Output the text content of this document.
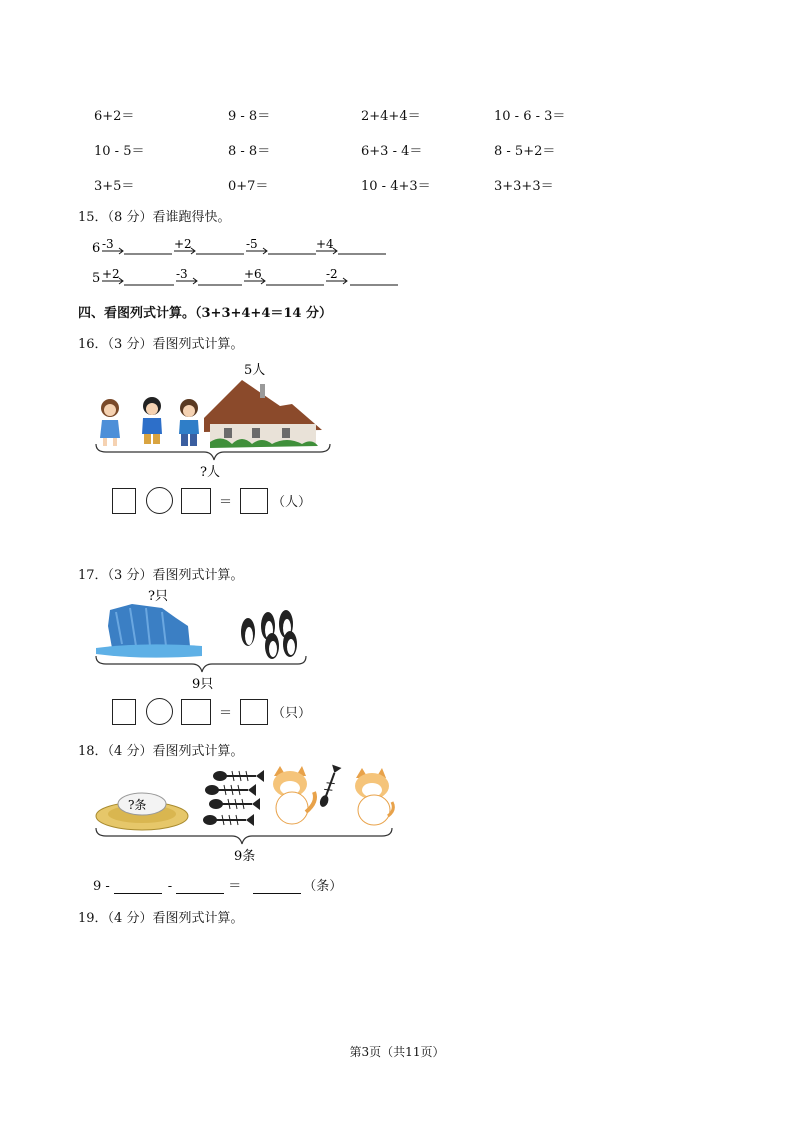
6+2＝	9 - 8＝	2+4+4＝	10 - 6 - 3＝
10 - 5＝	8 - 8＝	6+3 - 4＝	8 - 5+2＝
3+5＝	0+7＝	10 - 4+3＝	3+3+3＝
15．（8 分）看谁跑得快。
6 -3	+2	-5	+4
5 +2	-3	+6	-2
四、看图列式计算。（3+3+4+4＝14 分）
16．（3 分）看图列式计算。
5人
?人
＝	（人）
17．（3 分）看图列式计算。
?只
9只
＝	（只）
18．（4 分）看图列式计算。
?条
9条
9 -	-	＝	（条）
19．（4 分）看图列式计算。
第3页（共11页）
